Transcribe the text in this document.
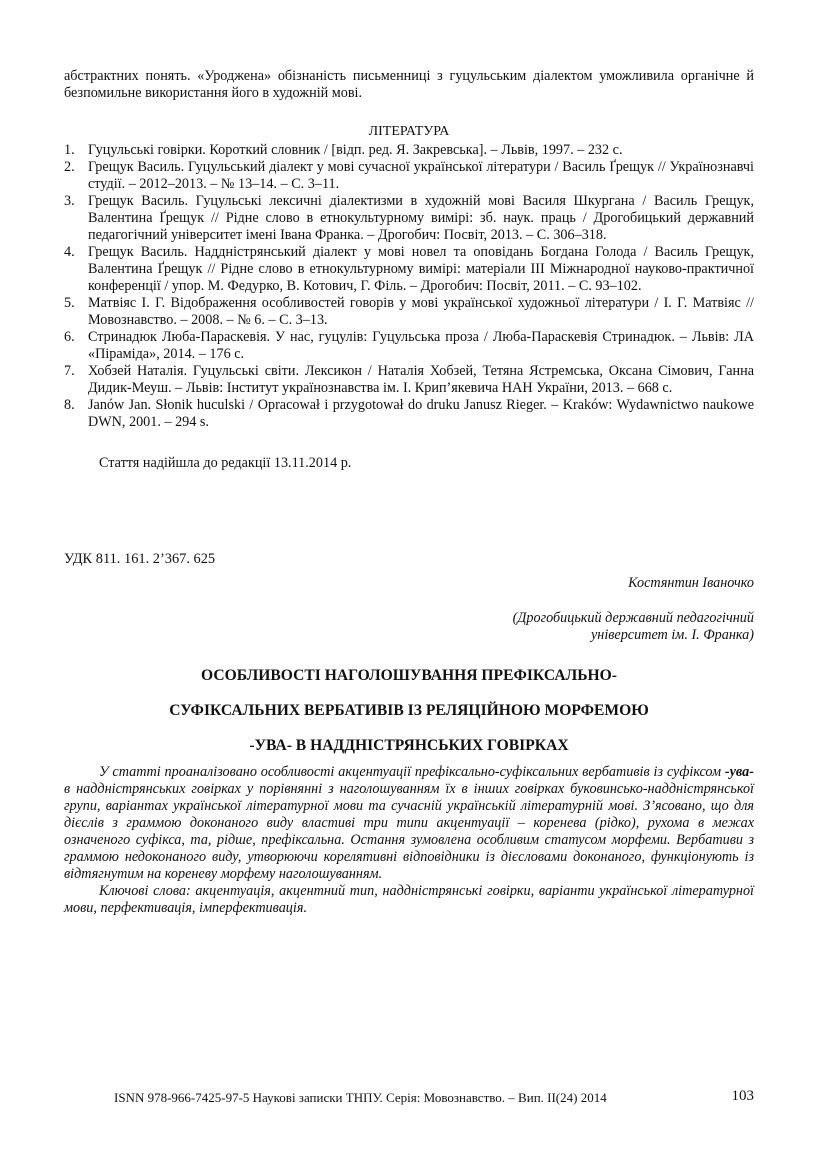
абстрактних понять. «Уроджена» обізнаність письменниці з гуцульським діалектом уможливила органічне й безпомильне використання його в художній мові.

ЛІТЕРАТУРА
1. Гуцульські говірки. Короткий словник / [відп. ред. Я. Закревська]. – Львів, 1997. – 232 с.
2. Грещук Василь. Гуцульський діалект у мові сучасної української літератури / Василь Ґрещук // Українознавчі студії. – 2012–2013. – № 13–14. – С. 3–11.
3. Грещук Василь. Гуцульські лексичні діалектизми в художній мові Василя Шкургана / Василь Грещук, Валентина Ґрещук // Рідне слово в етнокультурному вимірі: зб. наук. праць / Дрогобицький державний педагогічний університет імені Івана Франка. – Дрогобич: Посвіт, 2013. – С. 306–318.
4. Грещук Василь. Наддністрянський діалект у мові новел та оповідань Богдана Голода / Василь Грещук, Валентина Ґрещук // Рідне слово в етнокультурному вимірі: матеріали ІІІ Міжнародної науково-практичної конференції / упор. М. Федурко, В. Котович, Г. Філь. – Дрогобич: Посвіт, 2011. – С. 93–102.
5. Матвіяс І. Г. Відображення особливостей говорів у мові української художньої літератури / І. Г. Матвіяс // Мовознавство. – 2008. – № 6. – С. 3–13.
6. Стринадюк Люба-Параскевія. У нас, гуцулів: Гуцульська проза / Люба-Параскевія Стринадюк. – Львів: ЛА «Піраміда», 2014. – 176 с.
7. Хобзей Наталія. Гуцульські світи. Лексикон / Наталія Хобзей, Тетяна Ястремська, Оксана Сімович, Ганна Дидик-Меуш. – Львів: Інститут українознавства ім. І. Крип’якевича НАН України, 2013. – 668 с.
8. Janów Jan. Słonik huculski / Opracował i przygotował do druku Janusz Rieger. – Kraków: Wydawnictwo naukowe DWN, 2001. – 294 s.

Стаття надійшла до редакції 13.11.2014 р.

УДК 811. 161. 2’367. 625

Костянтин Іваночко

(Дрогобицький державний педагогічний
університет ім. І. Франка)
ОСОБЛИВОСТІ НАГОЛОШУВАННЯ ПРЕФІКСАЛЬНО-
СУФІКСАЛЬНИХ ВЕРБАТИВІВ ІЗ РЕЛЯЦІЙНОЮ МОРФЕМОЮ
-УВА- В НАДДНІСТРЯНСЬКИХ ГОВІРКАХ

У статті проаналізовано особливості акцентуації префіксально-суфіксальних вербативів із суфіксом -ува- в наддністрянських говірках у порівнянні з наголошуванням їх в інших говірках буковинсько-наддністрянської групи, варіантах української літературної мови та сучасній українській літературній мові. З’ясовано, що для дієслів з граммою доконаного виду властиві три типи акцентуації – коренева (рідко), рухома в межах означеного суфікса, та, рідше, префіксальна. Остання зумовлена особливим статусом морфеми. Вербативи з граммою недоконаного виду, утворюючи корелятивні відповідники із дієсловами доконаного, функціонують із відтягнутим на кореневу морфему наголошуванням.

Ключові слова: акцентуація, акцентний тип, наддністрянські говірки, варіанти української літературної мови, перфективація, імперфективація.

ISNN 978-966-7425-97-5 Наукові записки ТНПУ. Серія: Мовознавство. – Вип. ІІ(24) 2014	103
